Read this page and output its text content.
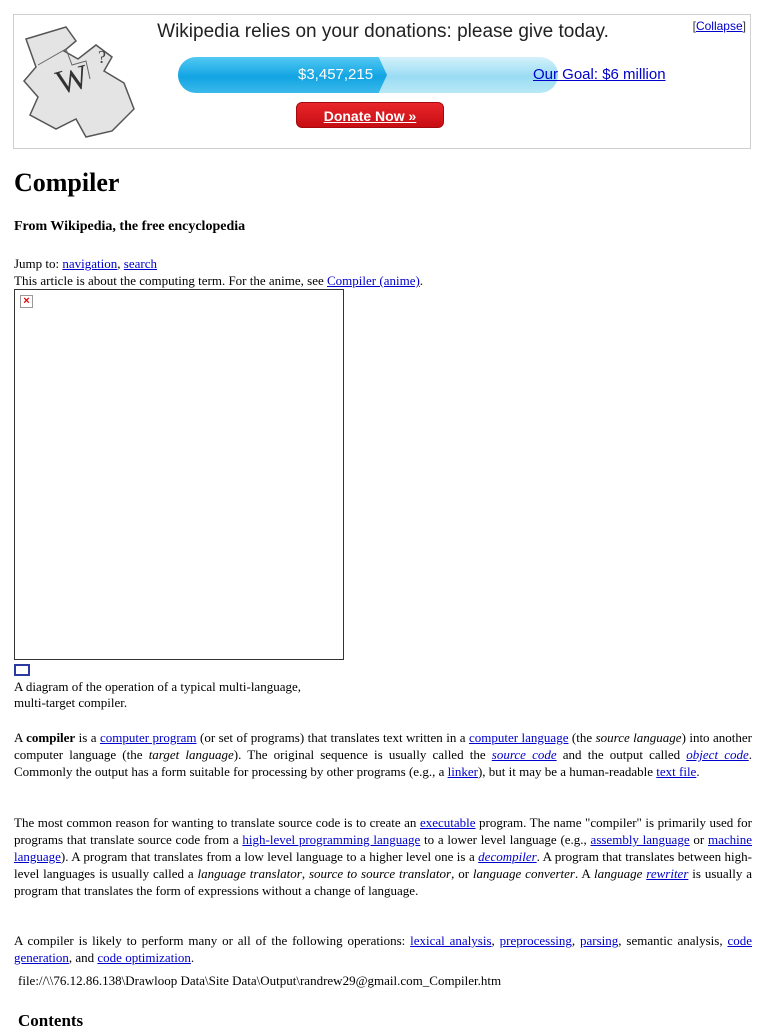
W
?
Wikipedia relies on your donations: please give today.	[Collapse]
$3,457,215	Our Goal: $6 million
Donate Now »
Compiler
From Wikipedia, the free encyclopedia
Jump to: navigation, search
This article is about the computing term. For the anime, see Compiler (anime).
×
A diagram of the operation of a typical multi-language, multi-target compiler.

A compiler is a computer program (or set of programs) that translates text written in a computer language (the source language) into another computer language (the target language). The original sequence is usually called the source code and the output called object code. Commonly the output has a form suitable for processing by other programs (e.g., a linker), but it may be a human-readable text file.

The most common reason for wanting to translate source code is to create an executable program. The name "compiler" is primarily used for programs that translate source code from a high-level programming language to a lower level language (e.g., assembly language or machine language). A program that translates from a low level language to a higher level one is a decompiler. A program that translates between high-level languages is usually called a language translator, source to source translator, or language converter. A language rewriter is usually a program that translates the form of expressions without a change of language.

A compiler is likely to perform many or all of the following operations: lexical analysis, preprocessing, parsing, semantic analysis, code generation, and code optimization.

file://\\76.12.86.138\Drawloop Data\Site Data\Output\randrew29@gmail.com_Compiler.htm
Contents
